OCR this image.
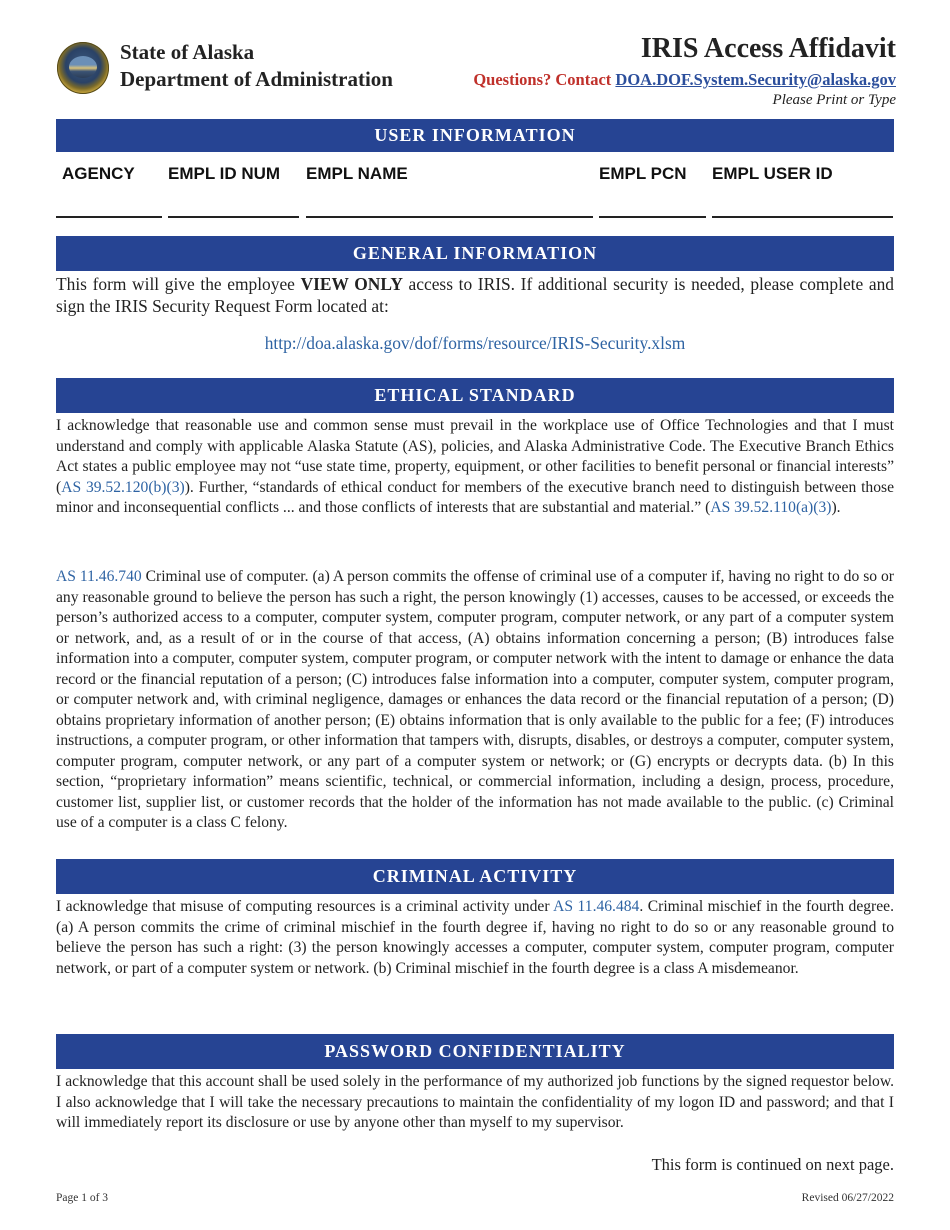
State of Alaska
Department of Administration
IRIS Access Affidavit
Questions? Contact DOA.DOF.System.Security@alaska.gov
Please Print or Type
USER INFORMATION
AGENCY EMPL ID NUM EMPL NAME	EMPL PCN EMPL USER ID
GENERAL INFORMATION
This form will give the employee VIEW ONLY access to IRIS. If additional security is needed, please complete and sign the IRIS Security Request Form located at:
http://doa.alaska.gov/dof/forms/resource/IRIS-Security.xlsm
ETHICAL STANDARD
I acknowledge that reasonable use and common sense must prevail in the workplace use of Office Technologies and that I must understand and comply with applicable Alaska Statute (AS), policies, and Alaska Administrative Code. The Executive Branch Ethics Act states a public employee may not “use state time, property, equipment, or other facilities to benefit personal or financial interests” (AS 39.52.120(b)(3)). Further, “standards of ethical conduct for members of the executive branch need to distinguish between those minor and inconsequential conflicts ... and those conflicts of interests that are substantial and material.” (AS 39.52.110(a)(3)).
AS 11.46.740 Criminal use of computer. (a) A person commits the offense of criminal use of a computer if, having no right to do so or any reasonable ground to believe the person has such a right, the person knowingly (1) accesses, causes to be accessed, or exceeds the person’s authorized access to a computer, computer system, computer program, computer network, or any part of a computer system or network, and, as a result of or in the course of that access, (A) obtains information concerning a person; (B) introduces false information into a computer, computer system, computer program, or computer network with the intent to damage or enhance the data record or the financial reputation of a person; (C) introduces false information into a computer, computer system, computer program, or computer network and, with criminal negligence, damages or enhances the data record or the financial reputation of a person; (D) obtains proprietary information of another person; (E) obtains information that is only available to the public for a fee; (F) introduces instructions, a computer program, or other information that tampers with, disrupts, disables, or destroys a computer, computer system, computer program, computer network, or any part of a computer system or network; or (G) encrypts or decrypts data. (b) In this section, “proprietary information” means scientific, technical, or commercial information, including a design, process, procedure, customer list, supplier list, or customer records that the holder of the information has not made available to the public. (c) Criminal use of a computer is a class C felony.
CRIMINAL ACTIVITY
I acknowledge that misuse of computing resources is a criminal activity under AS 11.46.484. Criminal mischief in the fourth degree. (a) A person commits the crime of criminal mischief in the fourth degree if, having no right to do so or any reasonable ground to believe the person has such a right: (3) the person knowingly accesses a computer, computer system, computer program, computer network, or part of a computer system or network. (b) Criminal mischief in the fourth degree is a class A misdemeanor.
PASSWORD CONFIDENTIALITY
I acknowledge that this account shall be used solely in the performance of my authorized job functions by the signed requestor below. I also acknowledge that I will take the necessary precautions to maintain the confidentiality of my logon ID and password; and that I will immediately report its disclosure or use by anyone other than myself to my supervisor.
This form is continued on next page.
Page 1 of 3	Revised 06/27/2022
